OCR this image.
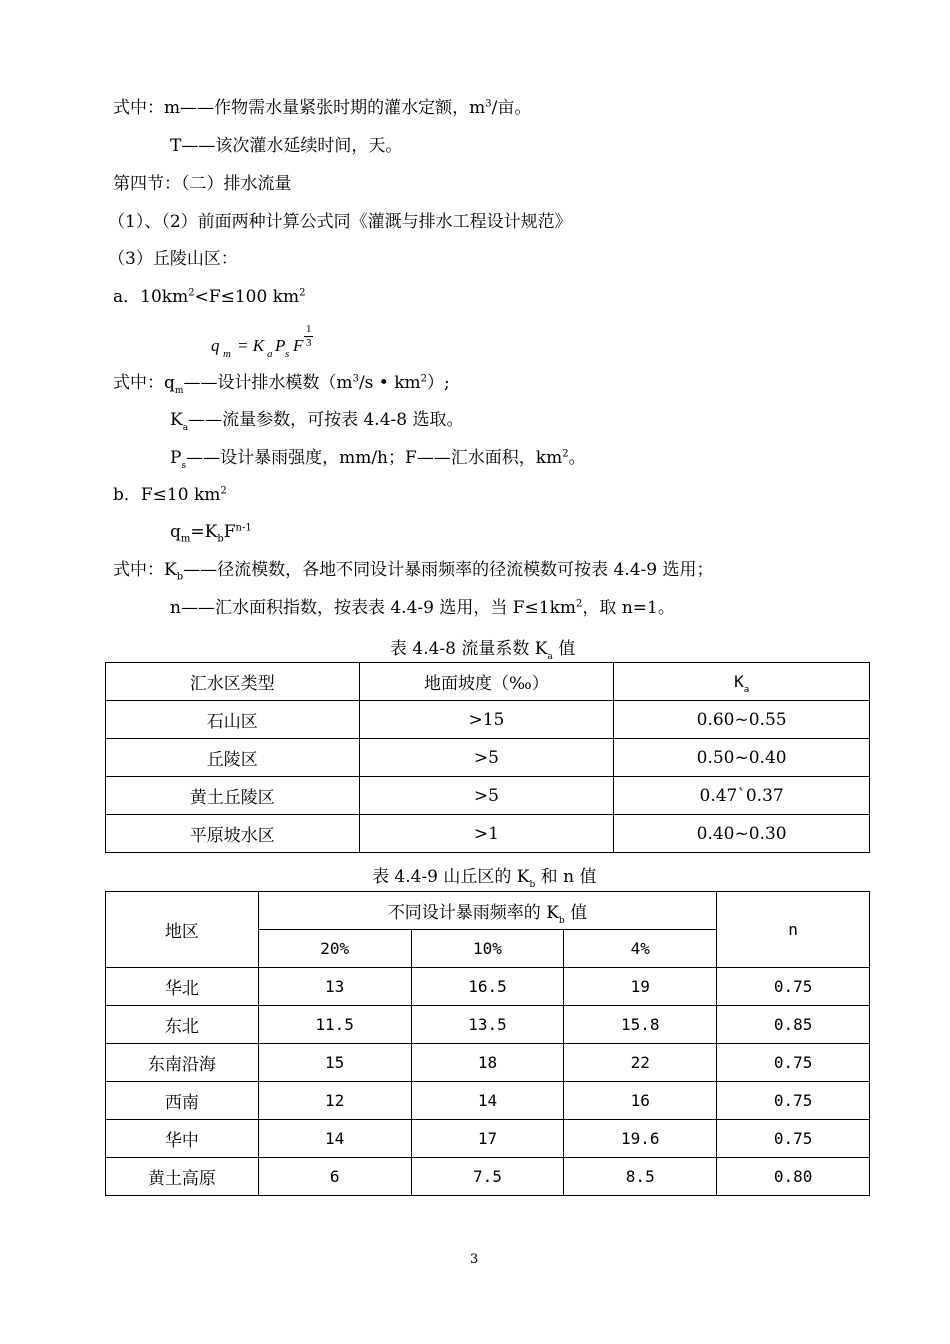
式中：m——作物需水量紧张时期的灌水定额，$m^3/$亩。
T——该次灌水延续时间，天。
第四节：（二）排水流量
（1）、（2）前面两种计算公式同《灌溉与排水工程设计规范》
（3）丘陵山区：
a．$10km^2<F\le 100$ $km^2$
q m = K a P s F
1
3
式中：$q_m——$设计排水模数（$m^3/s$ • $km^2$）;
$K_a——$流量参数，可按表 4.4-8 选取。
$P_s——$设计暴雨强度，mm/h；F——汇水面积，$km^2$。
b．F≤10 $km^2$
$q_m=K_bF^{n-1}$
式中：$K_b——$径流模数，各地不同设计暴雨频率的径流模数可按表 4.4-9 选用；
n——汇水面积指数，按表表 4.4-9 选用，当 $F\le 1km^2$，取 n=1。
表 4.4-8 流量系数 $K_a$ 值
汇水区类型	地面坡度（‰）	$K_a$
石山区	>15	0.60~0.55
丘陵区	>5	0.50~0.40
黄土丘陵区	>5	0.47`0.37
平原坡水区	>1	0.40~0.30
表 4.4-9 山丘区的 $K_b$ 和 n 值
地区	不同设计暴雨频率的 $K_b$ 值			n
	20%	10%	4%	
华北	13	16.5	19	0.75
东北	11.5	13.5	15.8	0.85
东南沿海	15	18	22	0.75
西南	12	14	16	0.75
华中	14	17	19.6	0.75
黄土高原	6	7.5	8.5	0.80
3
